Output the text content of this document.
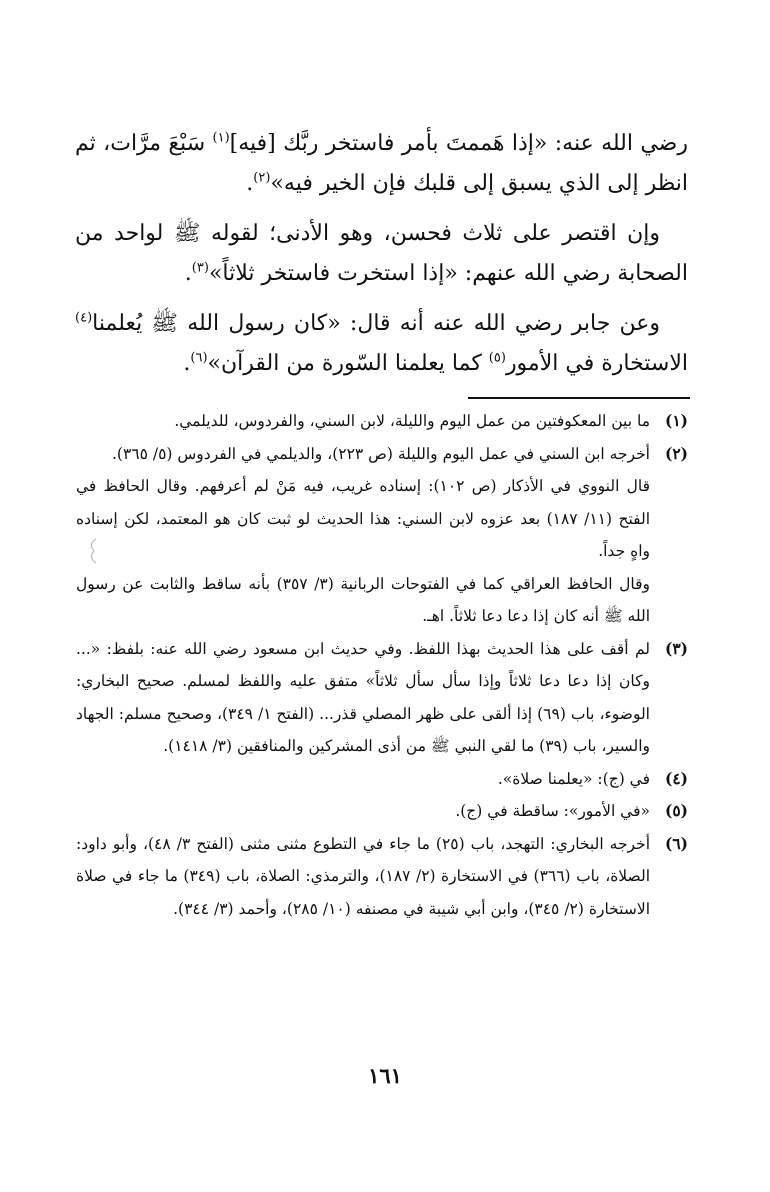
رضي الله عنه: «إذا هَممتَ بأمر فاستخر ربَّك [فيه]$^{(١)}$ سَبْعَ مرَّات، ثم انظر إلى الذي يسبق إلى قلبك فإن الخير فيه»$^{(٢)}$.

وإن اقتصر على ثلاث فحسن، وهو الأدنى؛ لقوله ﷺ لواحد من الصحابة رضي الله عنهم: «إذا استخرت فاستخر ثلاثاً»$^{(٣)}$.

وعن جابر رضي الله عنه أنه قال: «كان رسول الله ﷺ يُعلمنا$^{(٤)}$ الاستخارة في الأمور$^{(٥)}$ كما يعلمنا السّورة من القرآن»$^{(٦)}$.

(١)

ما بين المعكوفتين من عمل اليوم والليلة، لابن السني، والفردوس، للديلمي.

(٢)

أخرجه ابن السني في عمل اليوم والليلة (ص ٢٢٣)، والديلمي في الفردوس (٥/ ٣٦٥).

قال النووي في الأذكار (ص ١٠٢): إسناده غريب، فيه مَنْ لم أعرفهم. وقال الحافظ في الفتح (١١/ ١٨٧) بعد عزوه لابن السني: هذا الحديث لو ثبت كان هو المعتمد، لكن إسناده واهٍ جداً.

وقال الحافظ العراقي كما في الفتوحات الربانية (٣/ ٣٥٧) بأنه ساقط والثابت عن رسول الله ﷺ أنه كان إذا دعا دعا ثلاثاً. اهـ.

(٣)

لم أقف على هذا الحديث بهذا اللفظ. وفي حديث ابن مسعود رضي الله عنه: بلفظ: «... وكان إذا دعا دعا ثلاثاً وإذا سأل سأل ثلاثاً» متفق عليه واللفظ لمسلم. صحيح البخاري: الوضوء، باب (٦٩) إذا ألقى على ظهر المصلي قذر... (الفتح ١/ ٣٤٩)، وصحيح مسلم: الجهاد والسير، باب (٣٩) ما لقي النبي ﷺ من أذى المشركين والمنافقين (٣/ ١٤١٨).

(٤)

في (ج): «يعلمنا صلاة».

(٥)

«في الأمور»: ساقطة في (ج).

(٦)

أخرجه البخاري: التهجد، باب (٢٥) ما جاء في التطوع مثنى مثنى (الفتح ٣/ ٤٨)، وأبو داود: الصلاة، باب (٣٦٦) في الاستخارة (٢/ ١٨٧)، والترمذي: الصلاة، باب (٣٤٩) ما جاء في صلاة الاستخارة (٢/ ٣٤٥)، وابن أبي شيبة في مصنفه (١٠/ ٢٨٥)، وأحمد (٣/ ٣٤٤).

١٦١
